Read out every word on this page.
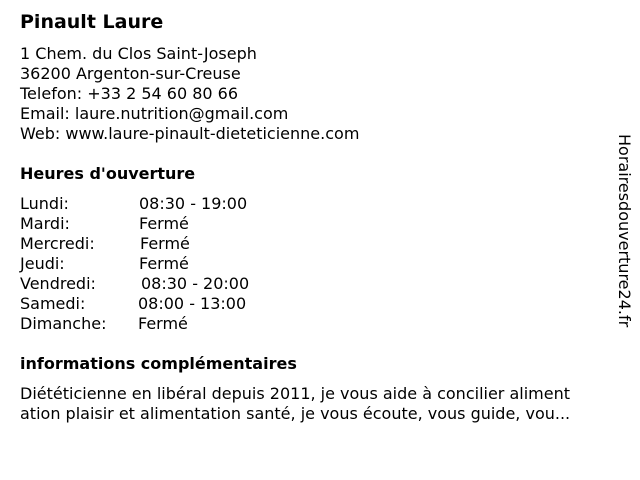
Pinault Laure
1 Chem. du Clos Saint-Joseph
36200 Argenton-sur-Creuse
Telefon: +33 2 54 60 80 66
Email: laure.nutrition@gmail.com
Web: www.laure-pinault-dieteticienne.com
Heures d'ouverture
Lundi:	08:30 - 19:00
Mardi:	Fermé
Mercredi:	Fermé
Jeudi:	Fermé
Vendredi:	08:30 - 20:00
Samedi:	08:00 - 13:00
Dimanche: Fermé
informations complémentaires
Diététicienne en libéral depuis 2011, je vous aide à concilier aliment
ation plaisir et alimentation santé, je vous écoute, vous guide, vou...
Horairesdouverture24.fr
